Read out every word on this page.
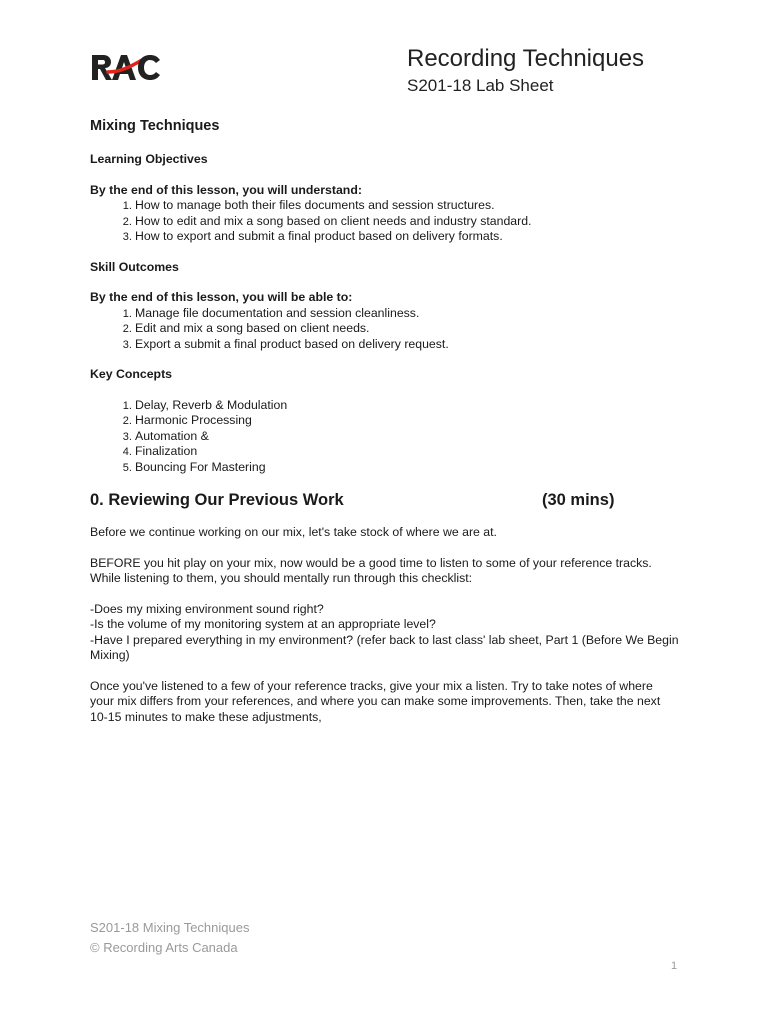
Recording Techniques
S201-18 Lab Sheet
Mixing Techniques
Learning Objectives
By the end of this lesson, you will understand:
1. How to manage both their files documents and session structures.
2. How to edit and mix a song based on client needs and industry standard.
3. How to export and submit a final product based on delivery formats.
Skill Outcomes
By the end of this lesson, you will be able to:
1. Manage file documentation and session cleanliness.
2. Edit and mix a song based on client needs.
3. Export a submit a final product based on delivery request.
Key Concepts
1. Delay, Reverb & Modulation
2. Harmonic Processing
3. Automation &
4. Finalization
5. Bouncing For Mastering
0. Reviewing Our Previous Work	(30 mins)

Before we continue working on our mix, let's take stock of where we are at.

BEFORE you hit play on your mix, now would be a good time to listen to some of your reference tracks. While listening to them, you should mentally run through this checklist:

-Does my mixing environment sound right?
-Is the volume of my monitoring system at an appropriate level?
-Have I prepared everything in my environment? (refer back to last class' lab sheet, Part 1 (Before We Begin Mixing)

Once you've listened to a few of your reference tracks, give your mix a listen. Try to take notes of where your mix differs from your references, and where you can make some improvements. Then, take the next 10-15 minutes to make these adjustments,

S201-18 Mixing Techniques
© Recording Arts Canada
1
